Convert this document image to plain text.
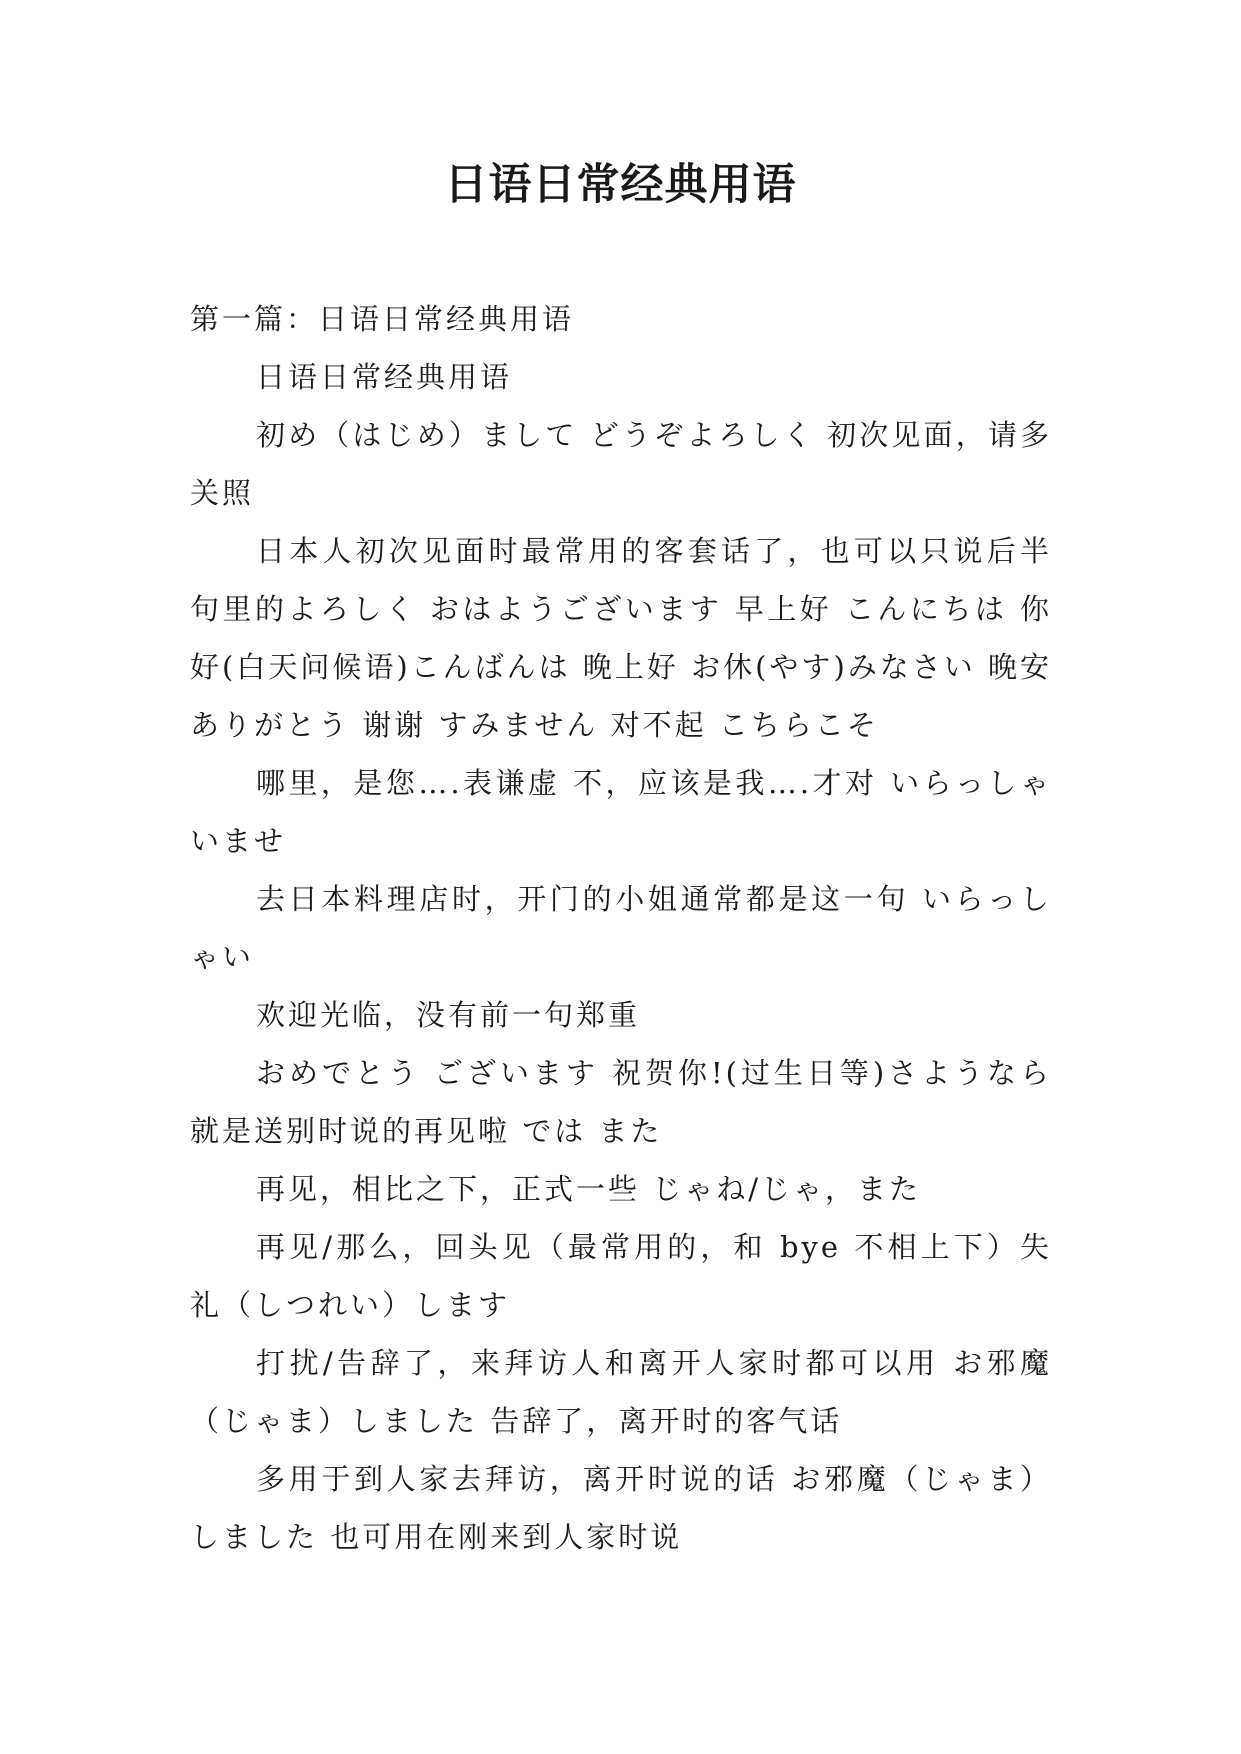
日语日常经典用语

第一篇：日语日常经典用语

日语日常经典用语

初め（はじめ）まして どうぞよろしく 初次见面，请多关照

日本人初次见面时最常用的客套话了，也可以只说后半句里的よろしく おはようございます 早上好 こんにちは 你好(白天问候语)こんばんは 晚上好 お休(やす)みなさい 晚安 ありがとう 谢谢 すみません 对不起 こちらこそ

哪里，是您….表谦虚 不，应该是我….才对 いらっしゃいませ

去日本料理店时，开门的小姐通常都是这一句 いらっしゃい

欢迎光临，没有前一句郑重

おめでとう ございます 祝贺你!(过生日等)さようなら 就是送别时说的再见啦 では また

再见，相比之下，正式一些 じゃね/じゃ，また

再见/那么，回头见（最常用的，和 bye 不相上下）失礼（しつれい）します

打扰/告辞了，来拜访人和离开人家时都可以用 お邪魔（じゃま）しました 告辞了，离开时的客气话

多用于到人家去拜访，离开时说的话 お邪魔（じゃま）しました 也可用在刚来到人家时说
